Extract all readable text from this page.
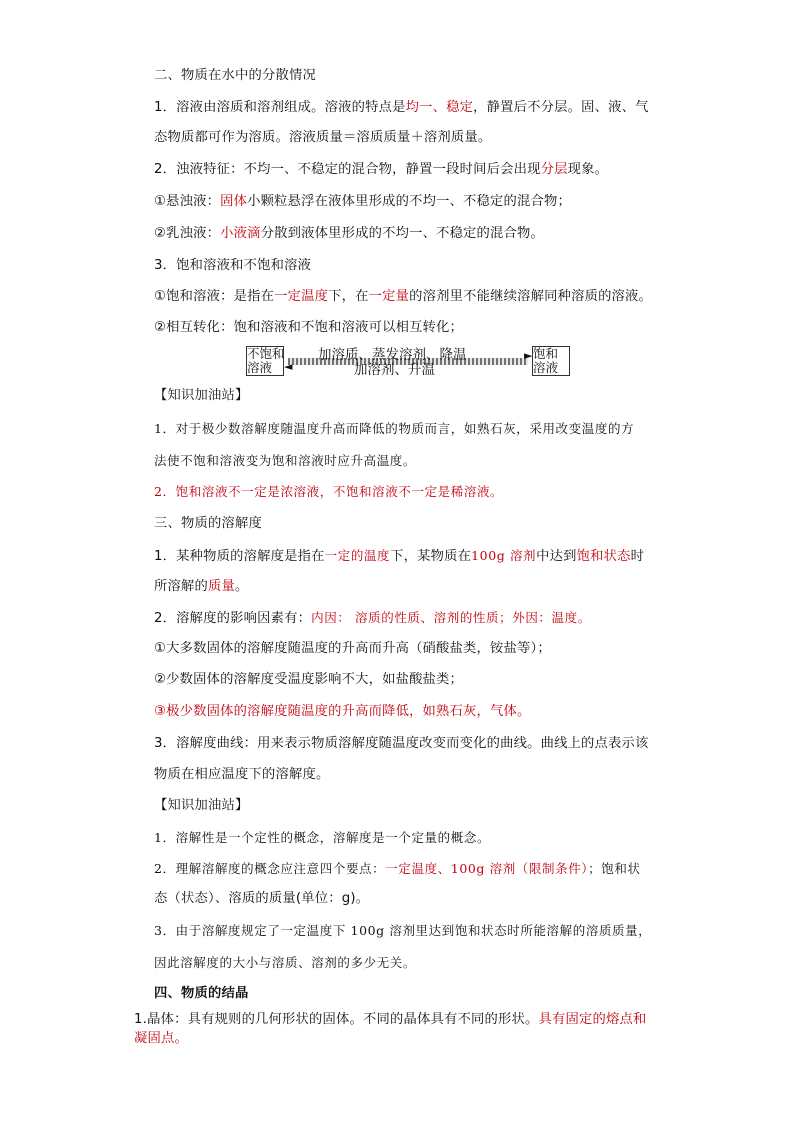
二、物质在水中的分散情况
1．溶液由溶质和溶剂组成。溶液的特点是均一、稳定，静置后不分层。固、液、气
态物质都可作为溶质。溶液质量＝溶质质量＋溶剂质量。
2．浊液特征：不均一、不稳定的混合物，静置一段时间后会出现分层现象。
①悬浊液：固体小颗粒悬浮在液体里形成的不均一、不稳定的混合物；
②乳浊液：小液滴分散到液体里形成的不均一、不稳定的混合物。
3．饱和溶液和不饱和溶液
①饱和溶液：是指在一定温度下，在一定量的溶剂里不能继续溶解同种溶质的溶液。
②相互转化：饱和溶液和不饱和溶液可以相互转化；
不饱和
溶液
►
◄
加溶质、蒸发溶剂、降温
加溶剂、升温
饱和
溶液
【知识加油站】
1．对于极少数溶解度随温度升高而降低的物质而言，如熟石灰，采用改变温度的方
法使不饱和溶液变为饱和溶液时应升高温度。
2．饱和溶液不一定是浓溶液，不饱和溶液不一定是稀溶液。
三、物质的溶解度
1．某种物质的溶解度是指在一定的温度下，某物质在100g 溶剂中达到饱和状态时
所溶解的质量。
2．溶解度的影响因素有：内因： 溶质的性质、溶剂的性质；外因：温度。
①大多数固体的溶解度随温度的升高而升高（硝酸盐类，铵盐等）；
②少数固体的溶解度受温度影响不大，如盐酸盐类；
③极少数固体的溶解度随温度的升高而降低，如熟石灰，气体。
3．溶解度曲线：用来表示物质溶解度随温度改变而变化的曲线。曲线上的点表示该
物质在相应温度下的溶解度。
【知识加油站】
1．溶解性是一个定性的概念，溶解度是一个定量的概念。
2．理解溶解度的概念应注意四个要点：一定温度、100g 溶剂（限制条件）；饱和状
态（状态）、溶质的质量(单位：g)。
3．由于溶解度规定了一定温度下 100g 溶剂里达到饱和状态时所能溶解的溶质质量，
因此溶解度的大小与溶质、溶剂的多少无关。
四、物质的结晶
1.晶体：具有规则的几何形状的固体。不同的晶体具有不同的形状。具有固定的熔点和
凝固点。
